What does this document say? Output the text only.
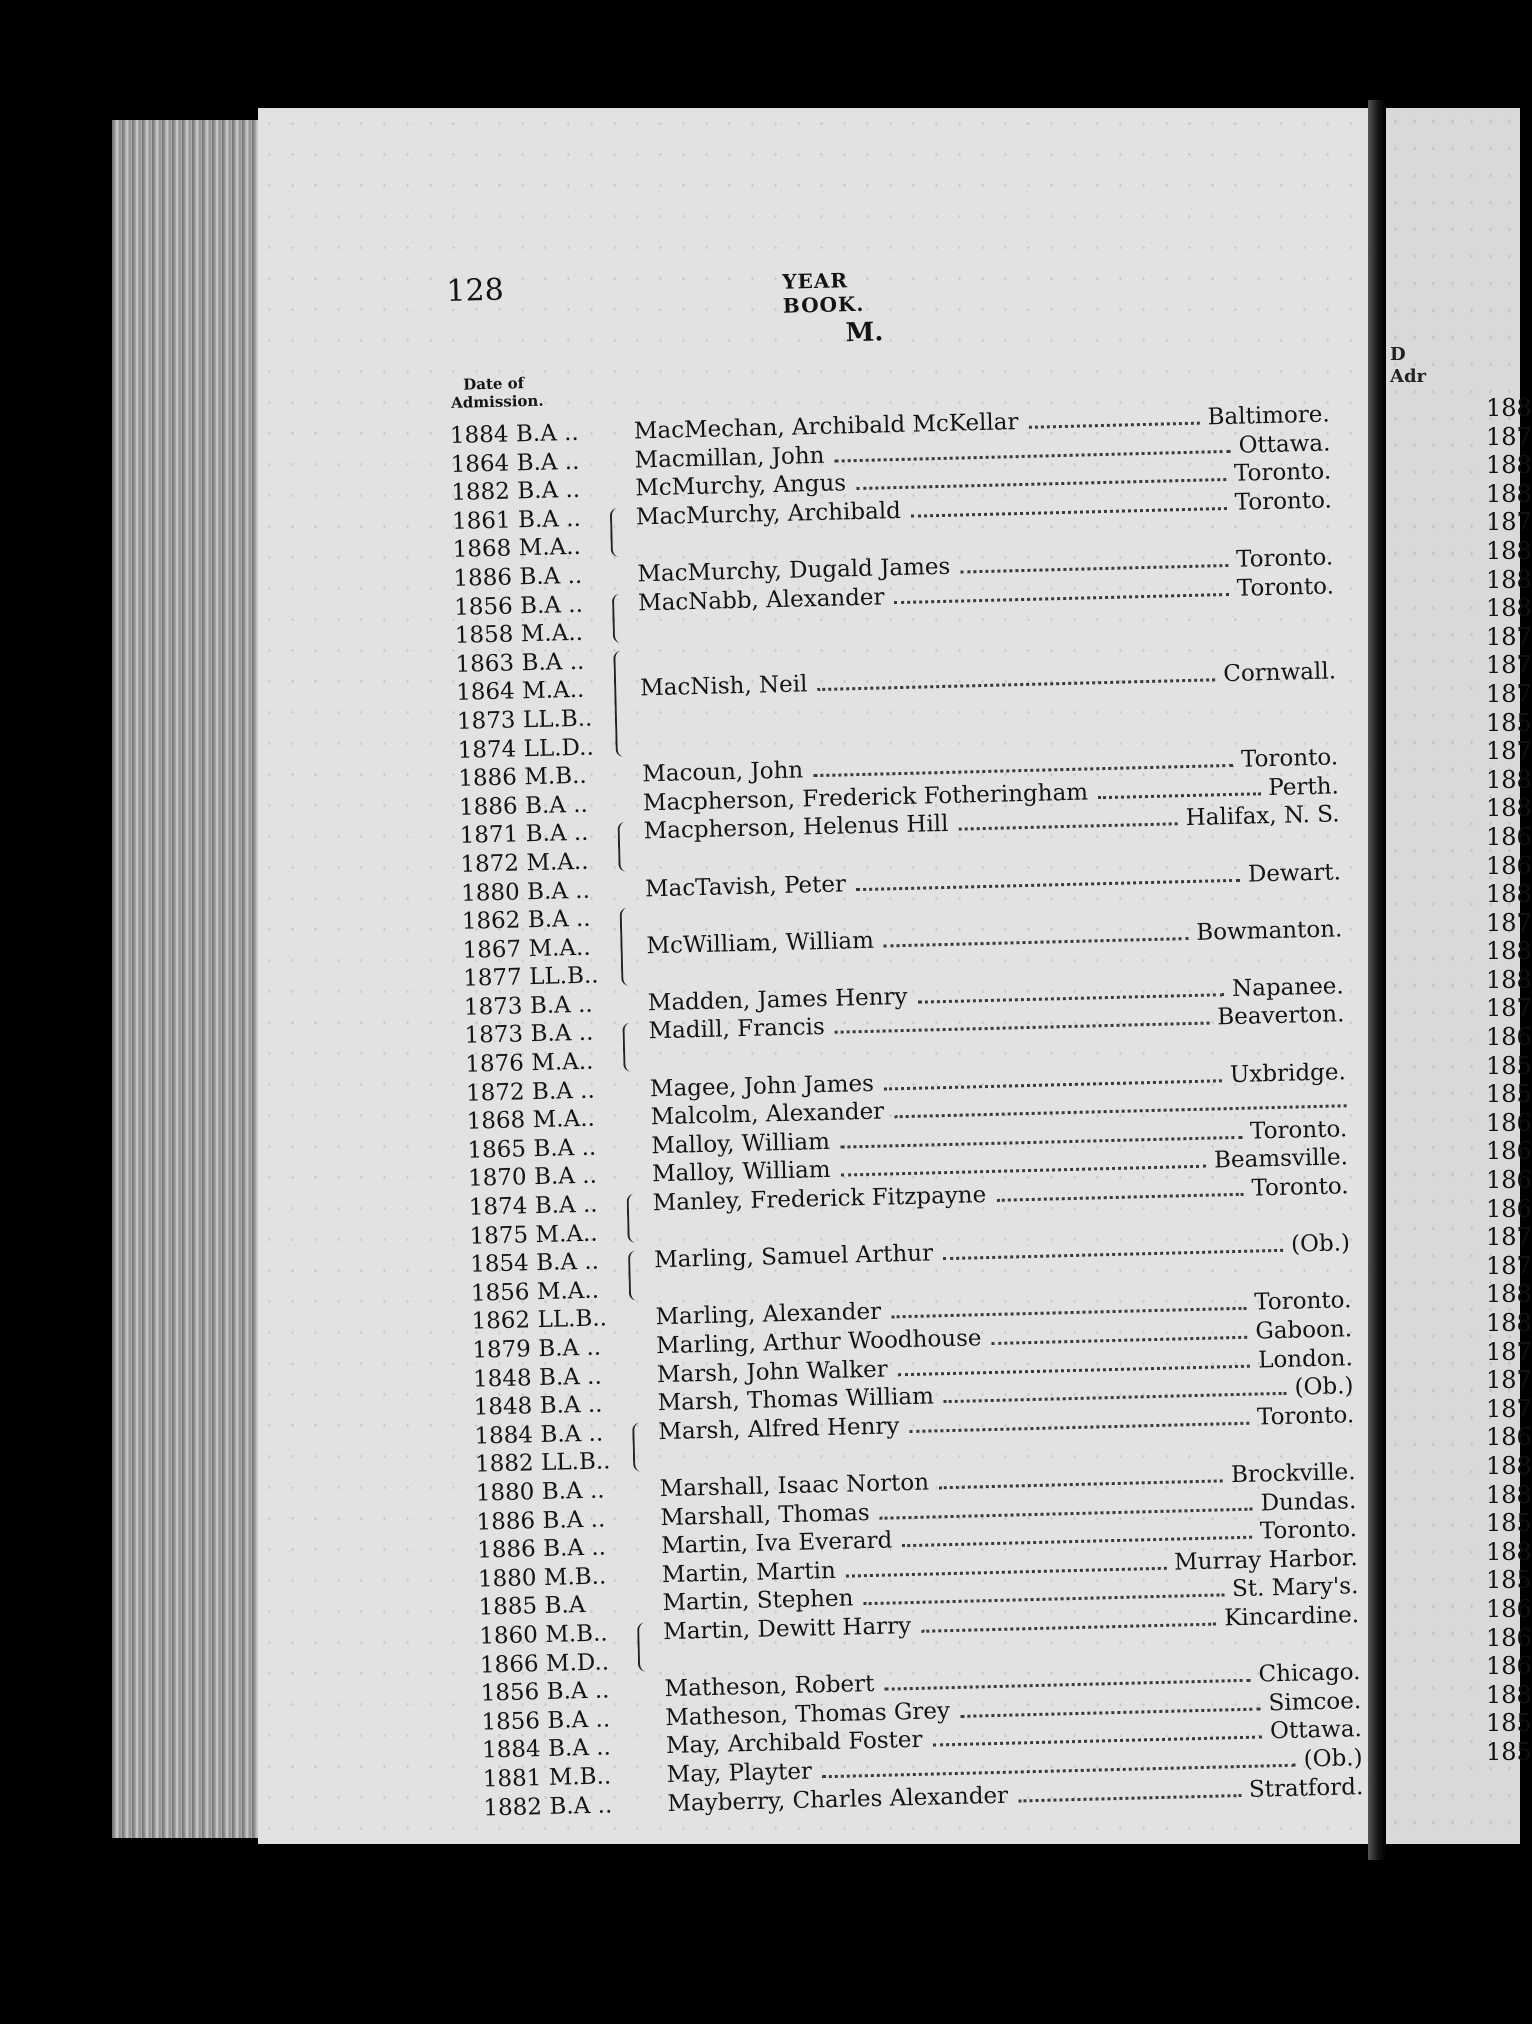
D
Adr
188
187
188
188
187
188
188
188
187
187
187
185
187
188
188
186
186
188
187
188
188
187
186
185
185
186
186
186
186
187
187
188
188
187
187
187
186
188
188
185
188
185
186
186
186
188
185
185
128	YEAR BOOK.
M.
Date of
Admission.
1884 B.A ..	MacMechan, Archibald McKellar	Baltimore.
1864 B.A ..	Macmillan, John	Ottawa.
1882 B.A ..	McMurchy, Angus	Toronto.
1861 B.A ..	MacMurchy, Archibald	Toronto.
1868 M.A..
1886 B.A ..	MacMurchy, Dugald James	Toronto.
1856 B.A ..	MacNabb, Alexander	Toronto.
1858 M.A..
1863 B.A ..
1864 M.A..	MacNish, Neil	Cornwall.
1873 LL.B..
1874 LL.D..
1886 M.B..	Macoun, John	Toronto.
1886 B.A ..	Macpherson, Frederick Fotheringham	Perth.
1871 B.A ..	Macpherson, Helenus Hill	Halifax, N. S.
1872 M.A..
1880 B.A ..	MacTavish, Peter	Dewart.
1862 B.A ..
1867 M.A..	McWilliam, William	Bowmanton.
1877 LL.B..
1873 B.A ..	Madden, James Henry	Napanee.
1873 B.A ..	Madill, Francis	Beaverton.
1876 M.A..
1872 B.A ..	Magee, John James	Uxbridge.
1868 M.A..	Malcolm, Alexander
1865 B.A ..	Malloy, William	Toronto.
1870 B.A ..	Malloy, William	Beamsville.
1874 B.A ..	Manley, Frederick Fitzpayne	Toronto.
1875 M.A..
1854 B.A ..	Marling, Samuel Arthur	(Ob.)
1856 M.A..
1862 LL.B..	Marling, Alexander	Toronto.
1879 B.A ..	Marling, Arthur Woodhouse	Gaboon.
1848 B.A ..	Marsh, John Walker	London.
1848 B.A ..	Marsh, Thomas William	(Ob.)
1884 B.A ..	Marsh, Alfred Henry	Toronto.
1882 LL.B..
1880 B.A ..	Marshall, Isaac Norton	Brockville.
1886 B.A ..	Marshall, Thomas	Dundas.
1886 B.A ..	Martin, Iva Everard	Toronto.
1880 M.B..	Martin, Martin	Murray Harbor.
1885 B.A	Martin, Stephen	St. Mary's.
1860 M.B..	Martin, Dewitt Harry	Kincardine.
1866 M.D..
1856 B.A ..	Matheson, Robert	Chicago.
1856 B.A ..	Matheson, Thomas Grey	Simcoe.
1884 B.A ..	May, Archibald Foster	Ottawa.
1881 M.B..	May, Playter	(Ob.)
1882 B.A ..	Mayberry, Charles Alexander	Stratford.
